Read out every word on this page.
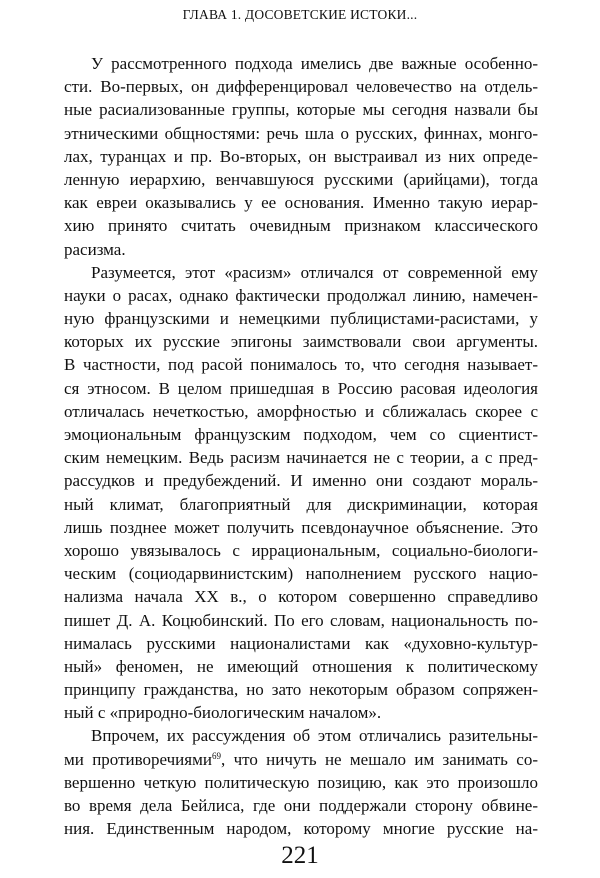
ГЛАВА 1. ДОСОВЕТСКИЕ ИСТОКИ...
У рассмотренного подхода имелись две важные особенно-
сти. Во-первых, он дифференцировал человечество на отдель-
ные расиализованные группы, которые мы сегодня назвали бы
этническими общностями: речь шла о русских, финнах, монго-
лах, туранцах и пр. Во-вторых, он выстраивал из них опреде-
ленную иерархию, венчавшуюся русскими (арийцами), тогда
как евреи оказывались у ее основания. Именно такую иерар-
хию принято считать очевидным признаком классического
расизма.
Разумеется, этот «расизм» отличался от современной ему
науки о расах, однако фактически продолжал линию, намечен-
ную французскими и немецкими публицистами-расистами, у
которых их русские эпигоны заимствовали свои аргументы.
В частности, под расой понималось то, что сегодня называет-
ся этносом. В целом пришедшая в Россию расовая идеология
отличалась нечеткостью, аморфностью и сближалась скорее с
эмоциональным французским подходом, чем со сциентист-
ским немецким. Ведь расизм начинается не с теории, а с пред-
рассудков и предубеждений. И именно они создают мораль-
ный климат, благоприятный для дискриминации, которая
лишь позднее может получить псевдонаучное объяснение. Это
хорошо увязывалось с иррациональным, социально-биологи-
ческим (социодарвинистским) наполнением русского нацио-
нализма начала XX в., о котором совершенно справедливо
пишет Д. А. Коцюбинский. По его словам, национальность по-
нималась русскими националистами как «духовно-культур-
ный» феномен, не имеющий отношения к политическому
принципу гражданства, но зато некоторым образом сопряжен-
ный с «природно-биологическим началом».
Впрочем, их рассуждения об этом отличались разительны-
ми противоречиями$^{69}$, что ничуть не мешало им занимать со-
вершенно четкую политическую позицию, как это произошло
во время дела Бейлиса, где они поддержали сторону обвине-
ния. Единственным народом, которому многие русские на-
221
